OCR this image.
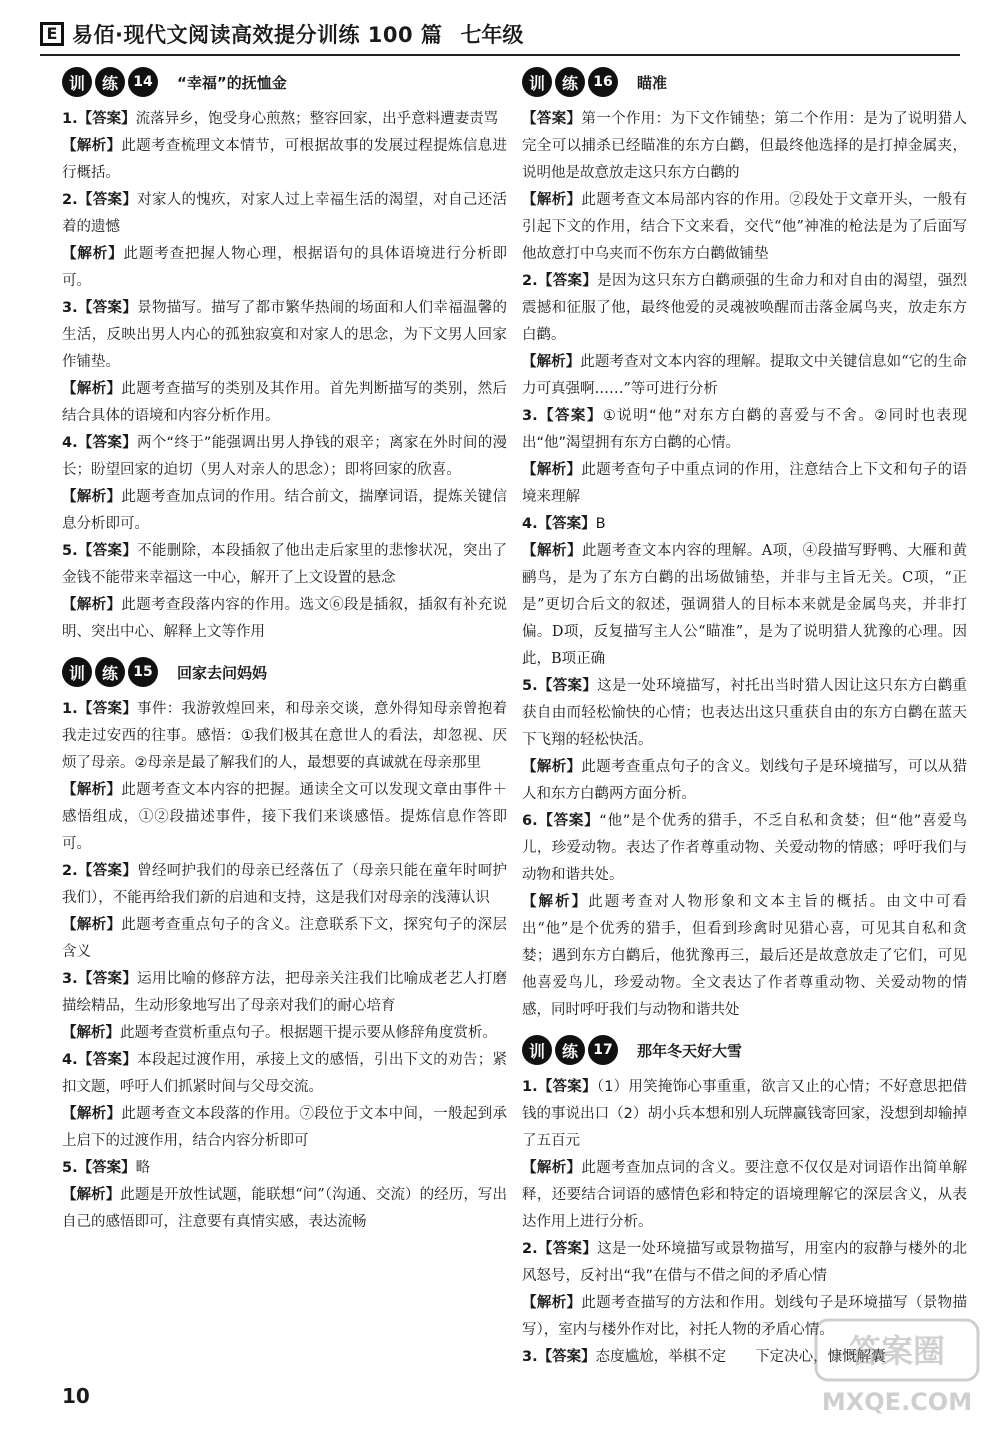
E 易佰·现代文阅读高效提分训练 100 篇 七年级
训	练	14	“幸福”的抚恤金

1.【答案】流落异乡，饱受身心煎熬；整容回家，出乎意料遭妻责骂

【解析】此题考查梳理文本情节，可根据故事的发展过程提炼信息进行概括。

2.【答案】对家人的愧疚，对家人过上幸福生活的渴望，对自己还活着的遗憾

【解析】此题考查把握人物心理，根据语句的具体语境进行分析即可。

3.【答案】景物描写。描写了都市繁华热闹的场面和人们幸福温馨的生活，反映出男人内心的孤独寂寞和对家人的思念，为下文男人回家作铺垫。

【解析】此题考查描写的类别及其作用。首先判断描写的类别，然后结合具体的语境和内容分析作用。

4.【答案】两个“终于”能强调出男人挣钱的艰辛；离家在外时间的漫长；盼望回家的迫切（男人对亲人的思念）；即将回家的欣喜。

【解析】此题考查加点词的作用。结合前文，揣摩词语，提炼关键信息分析即可。

5.【答案】不能删除，本段插叙了他出走后家里的悲惨状况，突出了金钱不能带来幸福这一中心，解开了上文设置的悬念

【解析】此题考查段落内容的作用。选文⑥段是插叙，插叙有补充说明、突出中心、解释上文等作用

训	练	15	回家去问妈妈

1.【答案】事件：我游敦煌回来，和母亲交谈，意外得知母亲曾抱着我走过安西的往事。感悟：①我们极其在意世人的看法，却忽视、厌烦了母亲。②母亲是最了解我们的人，最想要的真诚就在母亲那里

【解析】此题考查文本内容的把握。通读全文可以发现文章由事件＋感悟组成，①②段描述事件，接下我们来谈感悟。提炼信息作答即可。

2.【答案】曾经呵护我们的母亲已经落伍了（母亲只能在童年时呵护我们），不能再给我们新的启迪和支持，这是我们对母亲的浅薄认识

【解析】此题考查重点句子的含义。注意联系下文，探究句子的深层含义

3.【答案】运用比喻的修辞方法，把母亲关注我们比喻成老艺人打磨描绘精品，生动形象地写出了母亲对我们的耐心培育

【解析】此题考查赏析重点句子。根据题干提示要从修辞角度赏析。

4.【答案】本段起过渡作用，承接上文的感悟，引出下文的劝告；紧扣文题，呼吁人们抓紧时间与父母交流。

【解析】此题考查文本段落的作用。⑦段位于文本中间，一般起到承上启下的过渡作用，结合内容分析即可

5.【答案】略

【解析】此题是开放性试题，能联想“问”（沟通、交流）的经历，写出自己的感悟即可，注意要有真情实感，表达流畅

训	练	16	瞄准

【答案】第一个作用：为下文作铺垫；第二个作用：是为了说明猎人完全可以捕杀已经瞄准的东方白鹳，但最终他选择的是打掉金属夹，说明他是故意放走这只东方白鹳的

【解析】此题考查文本局部内容的作用。②段处于文章开头，一般有引起下文的作用，结合下文来看，交代“他”神准的枪法是为了后面写他故意打中乌夹而不伤东方白鹳做铺垫

2.【答案】是因为这只东方白鹳顽强的生命力和对自由的渴望，强烈震撼和征服了他，最终他爱的灵魂被唤醒而击落金属鸟夹，放走东方白鹳。

【解析】此题考查对文本内容的理解。提取文中关键信息如“它的生命力可真强啊……”等可进行分析

3.【答案】①说明“他”对东方白鹳的喜爱与不舍。②同时也表现出“他”渴望拥有东方白鹳的心情。

【解析】此题考查句子中重点词的作用，注意结合上下文和句子的语境来理解

4.【答案】B

【解析】此题考查文本内容的理解。A项，④段描写野鸭、大雁和黄鹂鸟，是为了东方白鹳的出场做铺垫，并非与主旨无关。C项，“正是”更切合后文的叙述，强调猎人的目标本来就是金属鸟夹，并非打偏。D项，反复描写主人公“瞄准”，是为了说明猎人犹豫的心理。因此，B项正确

5.【答案】这是一处环境描写，衬托出当时猎人因让这只东方白鹳重获自由而轻松愉快的心情；也表达出这只重获自由的东方白鹳在蓝天下飞翔的轻松快活。

【解析】此题考查重点句子的含义。划线句子是环境描写，可以从猎人和东方白鹳两方面分析。

6.【答案】“他”是个优秀的猎手，不乏自私和贪婪；但“他”喜爱鸟儿，珍爱动物。表达了作者尊重动物、关爱动物的情感；呼吁我们与动物和谐共处。

【解析】此题考查对人物形象和文本主旨的概括。由文中可看出“他”是个优秀的猎手，但看到珍禽时见猎心喜，可见其自私和贪婪；遇到东方白鹳后，他犹豫再三，最后还是故意放走了它们，可见他喜爱鸟儿，珍爱动物。全文表达了作者尊重动物、关爱动物的情感，同时呼吁我们与动物和谐共处

训	练	17	那年冬天好大雪

1.【答案】（1）用笑掩饰心事重重，欲言又止的心情；不好意思把借钱的事说出口（2）胡小兵本想和别人玩牌赢钱寄回家，没想到却输掉了五百元

【解析】此题考查加点词的含义。要注意不仅仅是对词语作出简单解释，还要结合词语的感情色彩和特定的语境理解它的深层含义，从表达作用上进行分析。

2.【答案】这是一处环境描写或景物描写，用室内的寂静与楼外的北风怒号，反衬出“我”在借与不借之间的矛盾心情

【解析】此题考查描写的方法和作用。划线句子是环境描写（景物描写），室内与楼外作对比，衬托人物的矛盾心情。

3.【答案】态度尴尬，举棋不定　　下定决心，慷慨解囊

10
答案圈
MXQE.COM
